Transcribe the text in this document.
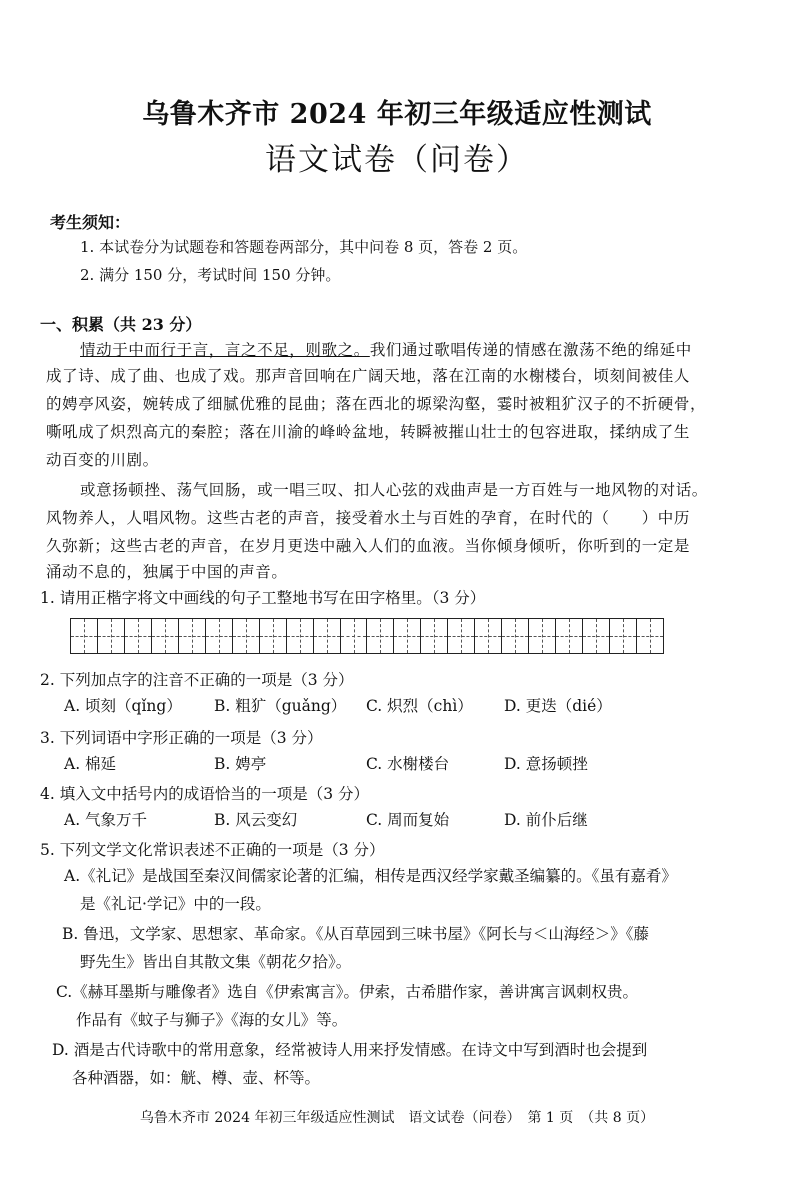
乌鲁木齐市 2024 年初三年级适应性测试
语文试卷（问卷）
考生须知：
1. 本试卷分为试题卷和答题卷两部分，其中问卷 8 页，答卷 2 页。
2. 满分 150 分，考试时间 150 分钟。
一、积累（共 23 分）
情动于中而行于言，言之不足，则歌之。我们通过歌唱传递的情感在激荡不绝的绵延中
成了诗、成了曲、也成了戏。那声音回响在广阔天地，落在江南的水榭楼台，顷刻间被佳人
的娉亭风姿，婉转成了细腻优雅的昆曲；落在西北的塬梁沟壑，霎时被粗犷汉子的不折硬骨，
嘶吼成了炽烈高亢的秦腔；落在川渝的峰岭盆地，转瞬被摧山壮士的包容进取，揉纳成了生
动百变的川剧。
或意扬顿挫、荡气回肠，或一唱三叹、扣人心弦的戏曲声是一方百姓与一地风物的对话。
风物养人，人唱风物。这些古老的声音，接受着水土与百姓的孕育，在时代的（　　）中历
久弥新；这些古老的声音，在岁月更迭中融入人们的血液。当你倾身倾听，你听到的一定是
涌动不息的，独属于中国的声音。
1. 请用正楷字将文中画线的句子工整地书写在田字格里。（3 分）
2. 下列加点字的注音不正确的一项是（3 分）
A. 顷刻（qǐng） B. 粗犷（guǎng） C. 炽烈（chì） D. 更迭（dié）
3. 下列词语中字形正确的一项是（3 分）
A. 棉延	B. 娉亭	C. 水榭楼台	D. 意扬顿挫
4. 填入文中括号内的成语恰当的一项是（3 分）
A. 气象万千	B. 风云变幻	C. 周而复始	D. 前仆后继
5. 下列文学文化常识表述不正确的一项是（3 分）
A.《礼记》是战国至秦汉间儒家论著的汇编，相传是西汉经学家戴圣编纂的。《虽有嘉肴》
是《礼记·学记》中的一段。
B. 鲁迅，文学家、思想家、革命家。《从百草园到三味书屋》《阿长与＜山海经＞》《藤
野先生》皆出自其散文集《朝花夕拾》。
C.《赫耳墨斯与雕像者》选自《伊索寓言》。伊索，古希腊作家，善讲寓言讽刺权贵。
作品有《蚊子与狮子》《海的女儿》等。
D. 酒是古代诗歌中的常用意象，经常被诗人用来抒发情感。在诗文中写到酒时也会提到
各种酒器，如：觥、樽、壶、杯等。
乌鲁木齐市 2024 年初三年级适应性测试　语文试卷（问卷）　第 1 页　（共 8 页）
